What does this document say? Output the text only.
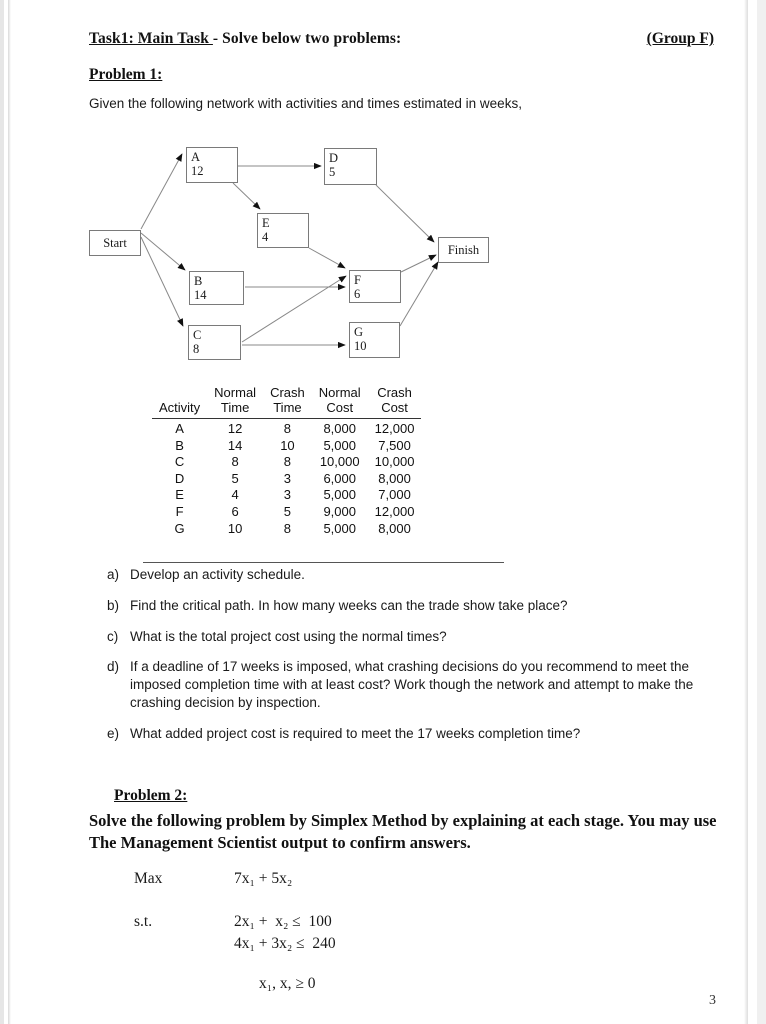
Task1: Main Task - Solve below two problems:	(Group F)
Problem 1:
Given the following network with activities and times estimated in weeks,
Start
A
12
D
5
E
4
Finish
B
14
F
6
C
8
G
10
	Normal	Crash	Normal	Crash
Activity	Time	Time	Cost	Cost
A	12	8	8,000	12,000
B	14	10	5,000	7,500
C	8	8	10,000	10,000
D	5	3	6,000	8,000
E	4	3	5,000	7,000
F	6	5	9,000	12,000
G	10	8	5,000	8,000
a) Develop an activity schedule.
b) Find the critical path. In how many weeks can the trade show take place?
c) What is the total project cost using the normal times?
d) If a deadline of 17 weeks is imposed, what crashing decisions do you recommend to meet the imposed completion time with at least cost? Work though the network and attempt to make the crashing decision by inspection.
e) What added project cost is required to meet the 17 weeks completion time?
Problem 2:
Solve the following problem by Simplex Method by explaining at each stage. You may use The Management Scientist output to confirm answers.
Max	7x₁ + 5x₂
s.t.	2x₁ +  x₂ ≤  100
4x₁ + 3x₂ ≤  240
x₁, x, ≥ 0
3
